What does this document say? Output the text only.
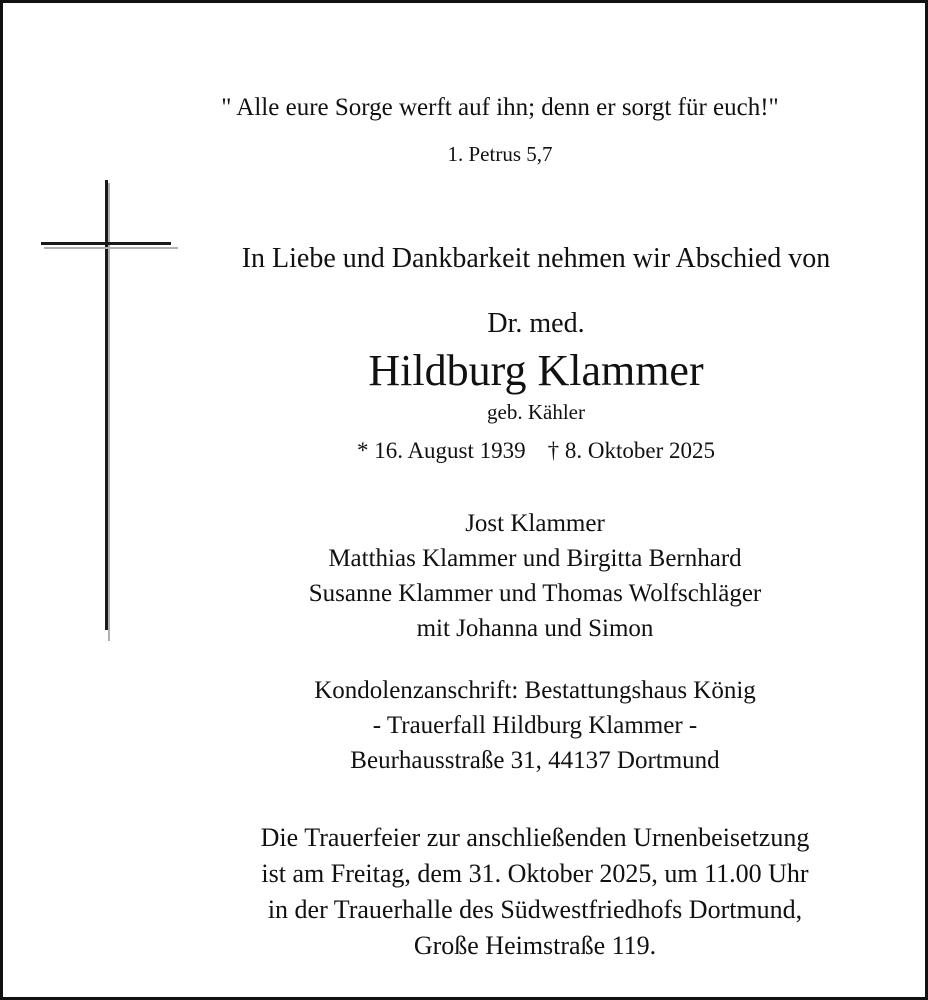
" Alle eure Sorge werft auf ihn; denn er sorgt für euch!"
1. Petrus 5,7
In Liebe und Dankbarkeit nehmen wir Abschied von
Dr. med.
Hildburg Klammer
geb. Kähler
* 16. August 1939 † 8. Oktober 2025
Jost Klammer
Matthias Klammer und Birgitta Bernhard
Susanne Klammer und Thomas Wolfschläger
mit Johanna und Simon
Kondolenzanschrift: Bestattungshaus König
- Trauerfall Hildburg Klammer -
Beurhausstraße 31, 44137 Dortmund
Die Trauerfeier zur anschließenden Urnenbeisetzung
ist am Freitag, dem 31. Oktober 2025, um 11.00 Uhr
in der Trauerhalle des Südwestfriedhofs Dortmund,
Große Heimstraße 119.
